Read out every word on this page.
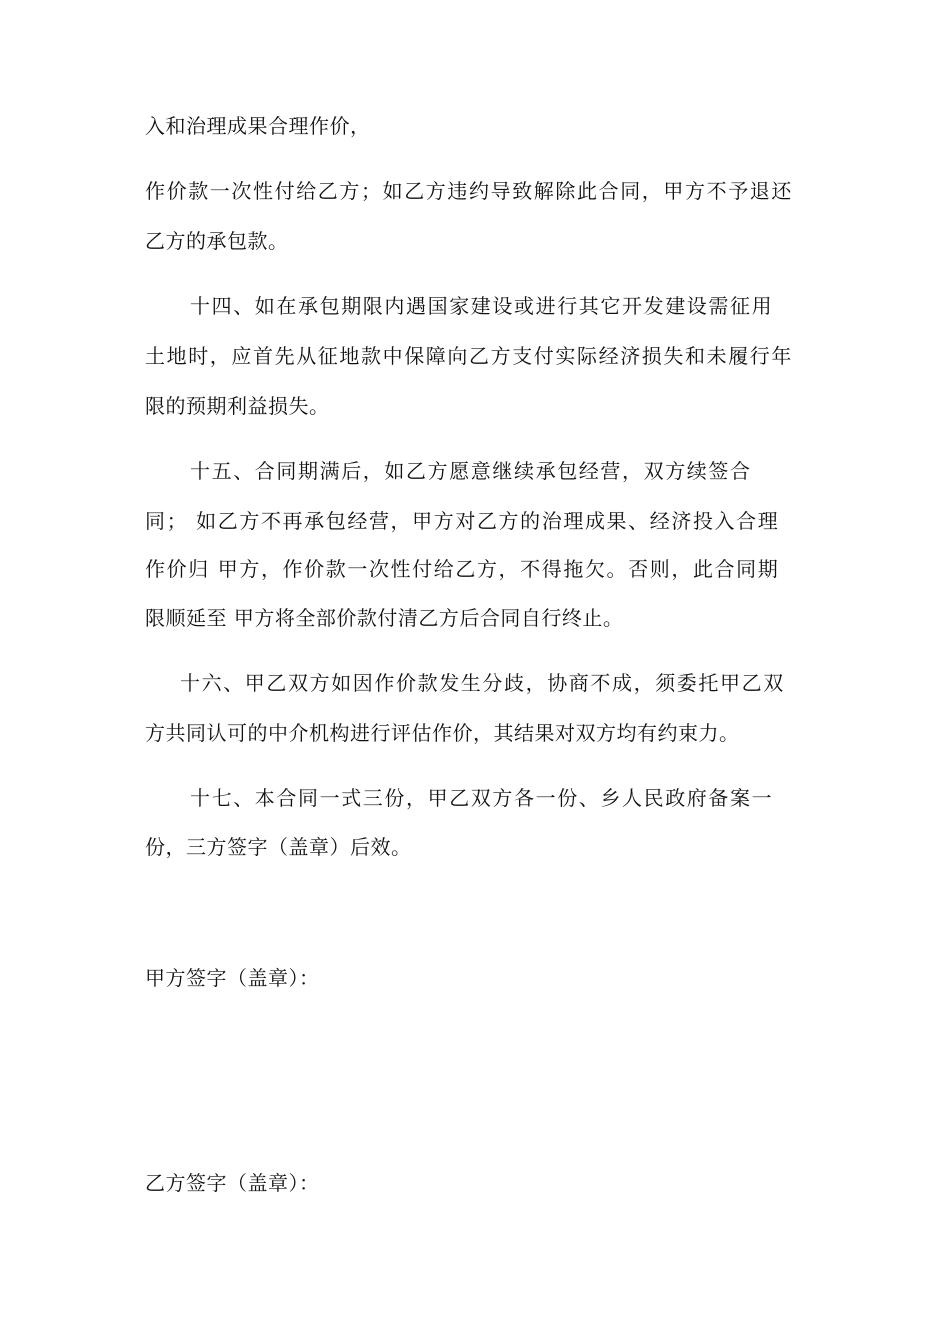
入和治理成果合理作价，
作价款一次性付给乙方；如乙方违约导致解除此合同，甲方不予退还
乙方的承包款。
十四、如在承包期限内遇国家建设或进行其它开发建设需征用
土地时，应首先从征地款中保障向乙方支付实际经济损失和未履行年
限的预期利益损失。
十五、合同期满后，如乙方愿意继续承包经营，双方续签合
同； 如乙方不再承包经营，甲方对乙方的治理成果、经济投入合理
作价归 甲方，作价款一次性付给乙方，不得拖欠。否则，此合同期
限顺延至 甲方将全部价款付清乙方后合同自行终止。
十六、甲乙双方如因作价款发生分歧，协商不成，须委托甲乙双
方共同认可的中介机构进行评估作价，其结果对双方均有约束力。
十七、本合同一式三份，甲乙双方各一份、乡人民政府备案一
份，三方签字（盖章）后效。
甲方签字（盖章）：
乙方签字（盖章）：
